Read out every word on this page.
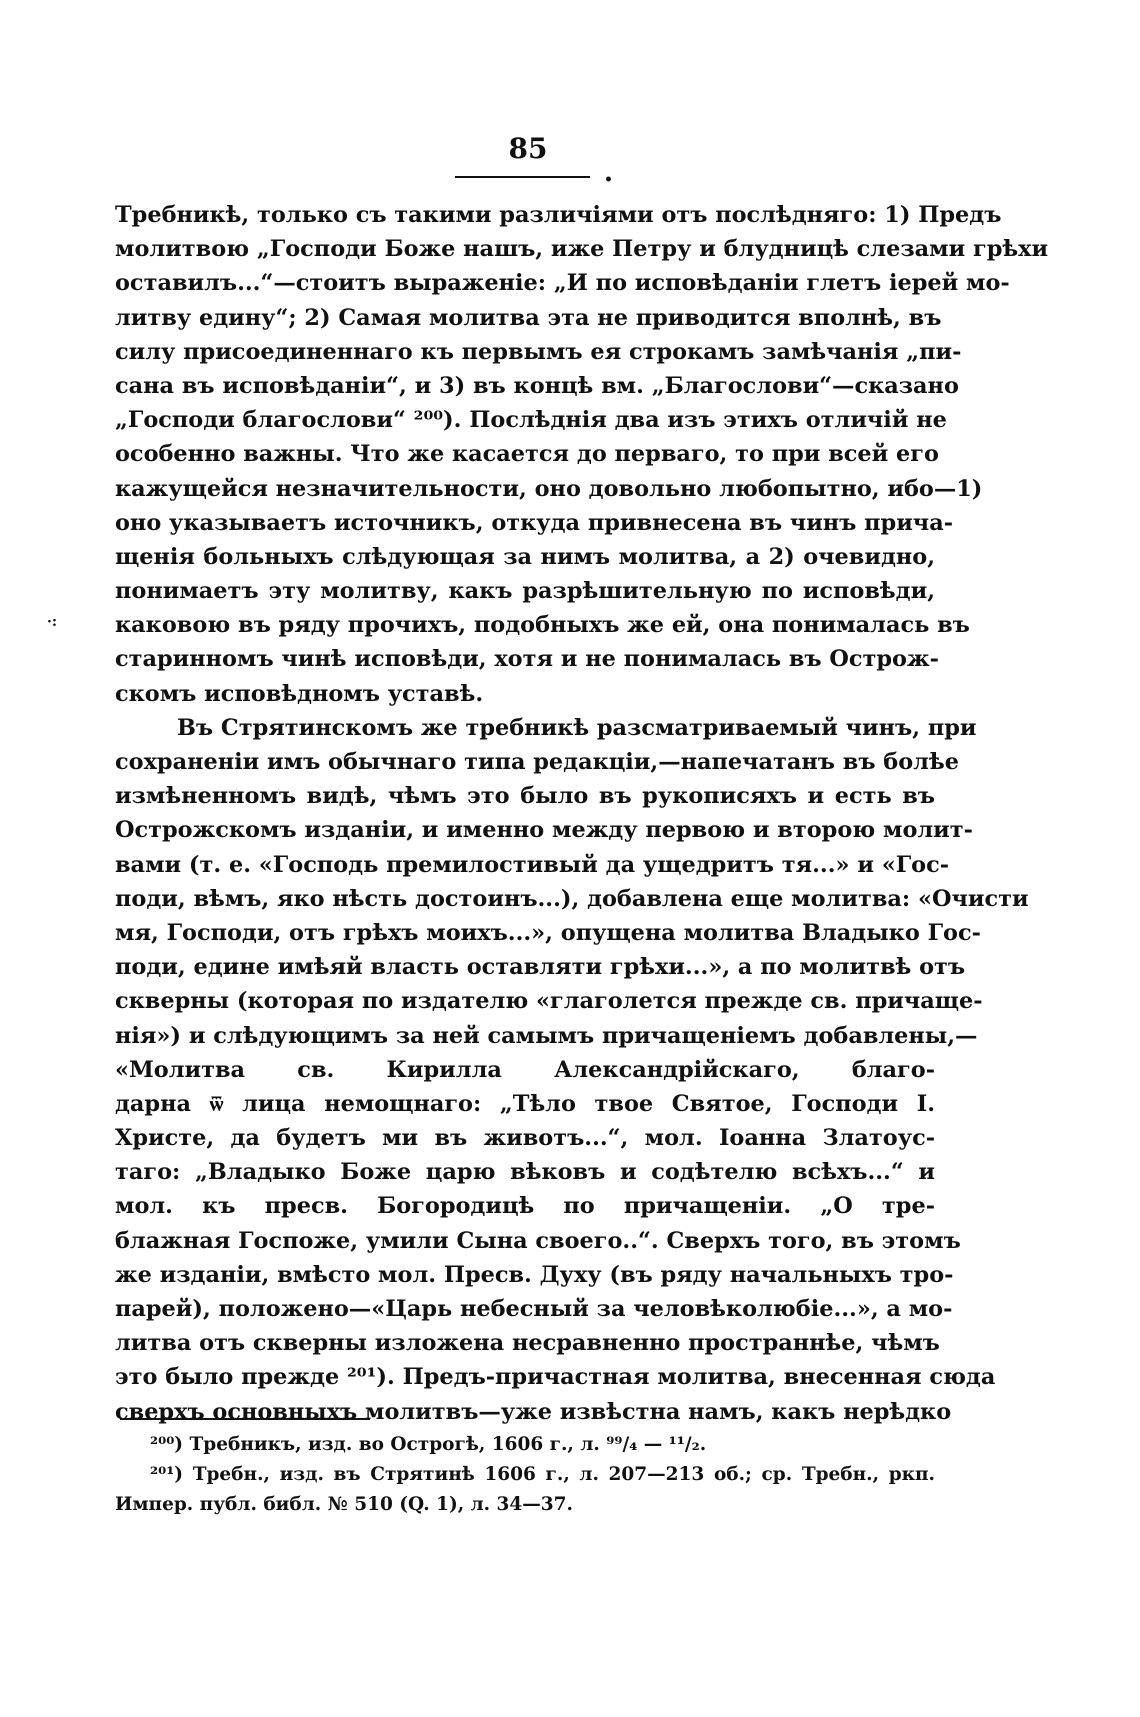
85
•
·:
Требникѣ, только съ такими различіями отъ послѣдняго: 1) Предъ
молитвою „Господи Боже нашъ, иже Петру и блудницѣ слезами грѣхи
оставилъ...“—стоитъ выраженіе: „И по исповѣданіи глетъ іерей мо-
литву едину“; 2) Самая молитва эта не приводится вполнѣ, въ
силу присоединеннаго къ первымъ ея строкамъ замѣчанія „пи-
сана въ исповѣданіи“, и 3) въ концѣ вм. „Благослови“—сказано
„Господи благослови“ ²⁰⁰). Послѣднія два изъ этихъ отличій не
особенно важны. Что же касается до перваго, то при всей его
кажущейся незначительности, оно довольно любопытно, ибо—1)
оно указываетъ источникъ, откуда привнесена въ чинъ прича-
щенія больныхъ слѣдующая за нимъ молитва, а 2) очевидно,
понимаетъ эту молитву, какъ разрѣшительную по исповѣди,
каковою въ ряду прочихъ, подобныхъ же ей, она понималась въ
старинномъ чинѣ исповѣди, хотя и не понималась въ Острож-
скомъ исповѣдномъ уставѣ.
Въ Стрятинскомъ же требникѣ разсматриваемый чинъ, при
сохраненіи имъ обычнаго типа редакціи,—напечатанъ въ болѣе
измѣненномъ видѣ, чѣмъ это было въ рукописяхъ и есть въ
Острожскомъ изданіи, и именно между первою и второю молит-
вами (т. е. «Господь премилостивый да ущедритъ тя...» и «Гос-
поди, вѣмъ, яко нѣсть достоинъ...), добавлена еще молитва: «Очисти
мя, Господи, отъ грѣхъ моихъ...», опущена молитва Владыко Гос-
поди, едине имѣяй власть оставляти грѣхи...», а по молитвѣ отъ
скверны (которая по издателю «глаголется прежде св. причаще-
нія») и слѣдующимъ за ней самымъ причащеніемъ добавлены,—
«Молитва св. Кирилла Александрійскаго, благо-
дарна ѿ лица немощнаго: „Тѣло твое Святое, Господи І.
Христе, да будетъ ми въ животъ...“, мол. Іоанна Златоус-
таго: „Владыко Боже царю вѣковъ и содѣтелю всѣхъ...“ и
мол. къ пресв. Богородицѣ по причащеніи. „О тре-
блажная Госпоже, умили Сына своего..“. Сверхъ того, въ этомъ
же изданіи, вмѣсто мол. Пресв. Духу (въ ряду начальныхъ тро-
парей), положено—«Царь небесный за человѣколюбіе...», а мо-
литва отъ скверны изложена несравненно пространнѣе, чѣмъ
это было прежде ²⁰¹). Предъ-причастная молитва, внесенная сюда
сверхъ основныхъ молитвъ—уже извѣстна намъ, какъ нерѣдко
²⁰⁰) Требникъ, изд. во Острогѣ, 1606 г., л. ⁹⁹/₄ — ¹¹/₂.
²⁰¹) Требн., изд. въ Стрятинѣ 1606 г., л. 207—213 об.; ср. Требн., ркп.
Импер. публ. библ. № 510 (Q. 1), л. 34—37.
